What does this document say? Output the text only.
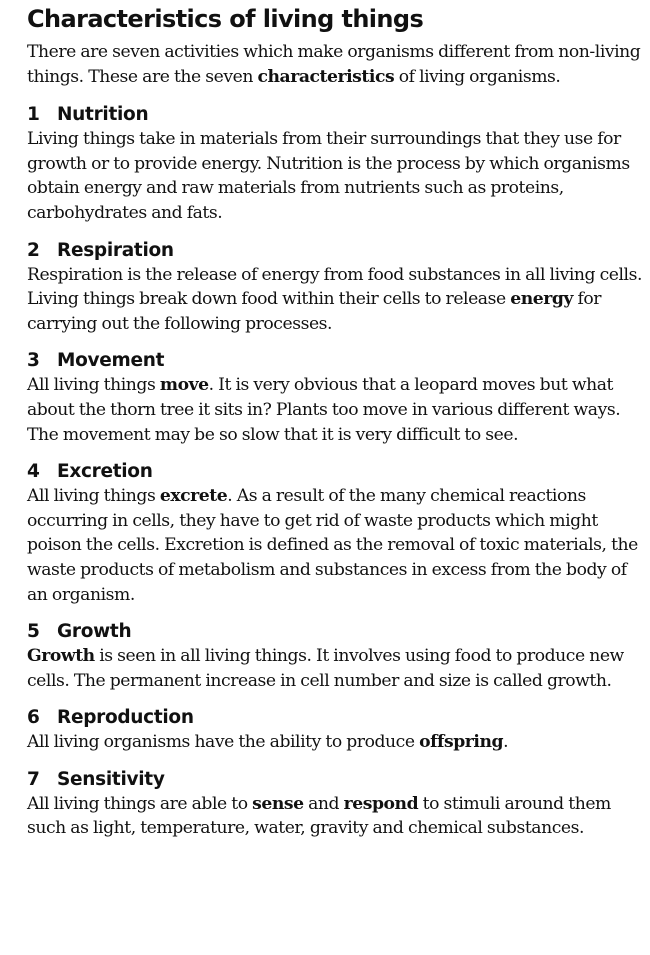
Characteristics of living things

There are seven activities which make organisms different from non-living things. These are the seven characteristics of living organisms.

1 Nutrition

Living things take in materials from their surroundings that they use for growth or to provide energy. Nutrition is the process by which organisms obtain energy and raw materials from nutrients such as proteins, carbohydrates and fats.

2 Respiration

Respiration is the release of energy from food substances in all living cells. Living things break down food within their cells to release energy for carrying out the following processes.

3 Movement

All living things move. It is very obvious that a leopard moves but what about the thorn tree it sits in? Plants too move in various different ways. The movement may be so slow that it is very difficult to see.

4 Excretion

All living things excrete. As a result of the many chemical reactions occurring in cells, they have to get rid of waste products which might poison the cells. Excretion is defined as the removal of toxic materials, the waste products of metabolism and substances in excess from the body of an organism.

5 Growth

Growth is seen in all living things. It involves using food to produce new cells. The permanent increase in cell number and size is called growth.

6 Reproduction

All living organisms have the ability to produce offspring.

7 Sensitivity

All living things are able to sense and respond to stimuli around them such as light, temperature, water, gravity and chemical substances.
